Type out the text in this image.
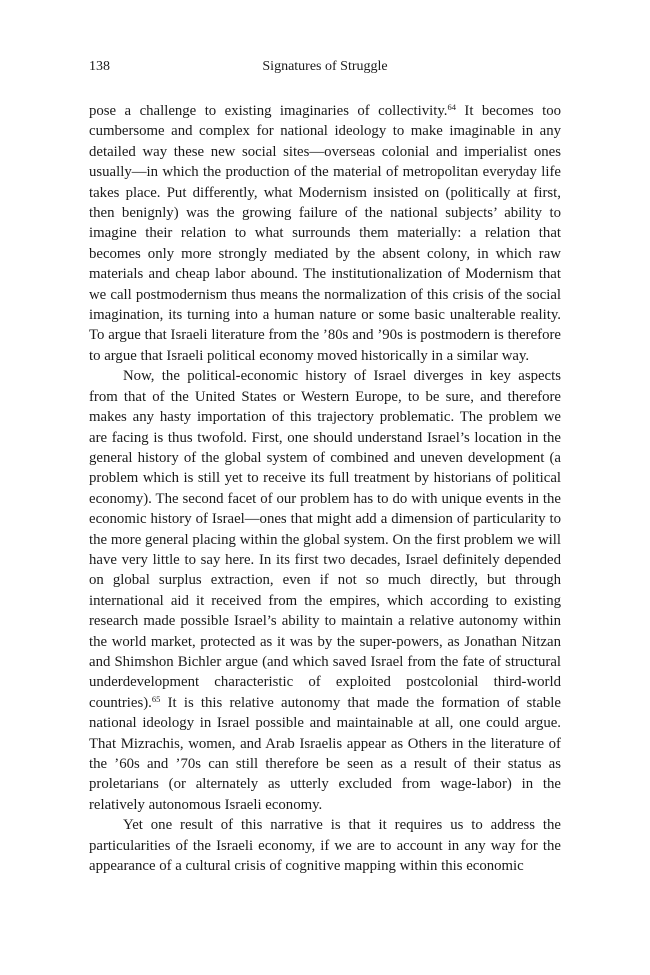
138	Signatures of Struggle

pose a challenge to existing imaginaries of collectivity.$^{64}$ It becomes too cumbersome and complex for national ideology to make imaginable in any detailed way these new social sites—overseas colonial and imperialist ones usually—in which the production of the material of metropolitan everyday life takes place. Put differently, what Modernism insisted on (politically at first, then benignly) was the growing failure of the national subjects’ ability to imagine their relation to what surrounds them materially: a relation that becomes only more strongly mediated by the absent colony, in which raw materials and cheap labor abound. The institutionalization of Modernism that we call postmodernism thus means the normalization of this crisis of the social imagination, its turning into a human nature or some basic unalterable reality. To argue that Israeli literature from the ’80s and ’90s is postmodern is therefore to argue that Israeli political economy moved historically in a similar way.

Now, the political-economic history of Israel diverges in key aspects from that of the United States or Western Europe, to be sure, and therefore makes any hasty importation of this trajectory problematic. The problem we are facing is thus twofold. First, one should understand Israel’s location in the general history of the global system of combined and uneven development (a problem which is still yet to receive its full treatment by historians of political economy). The second facet of our problem has to do with unique events in the economic history of Israel—ones that might add a dimension of particularity to the more general placing within the global system. On the first problem we will have very little to say here. In its first two decades, Israel definitely depended on global surplus extraction, even if not so much directly, but through international aid it received from the empires, which according to existing research made possible Israel’s ability to maintain a relative autonomy within the world market, protected as it was by the super-powers, as Jonathan Nitzan and Shimshon Bichler argue (and which saved Israel from the fate of structural underdevelopment characteristic of exploited postcolonial third-world countries).$^{65}$ It is this relative autonomy that made the formation of stable national ideology in Israel possible and maintainable at all, one could argue. That Mizrachis, women, and Arab Israelis appear as Others in the literature of the ’60s and ’70s can still therefore be seen as a result of their status as proletarians (or alternately as utterly excluded from wage-labor) in the relatively autonomous Israeli economy.

Yet one result of this narrative is that it requires us to address the particularities of the Israeli economy, if we are to account in any way for the appearance of a cultural crisis of cognitive mapping within this economic
